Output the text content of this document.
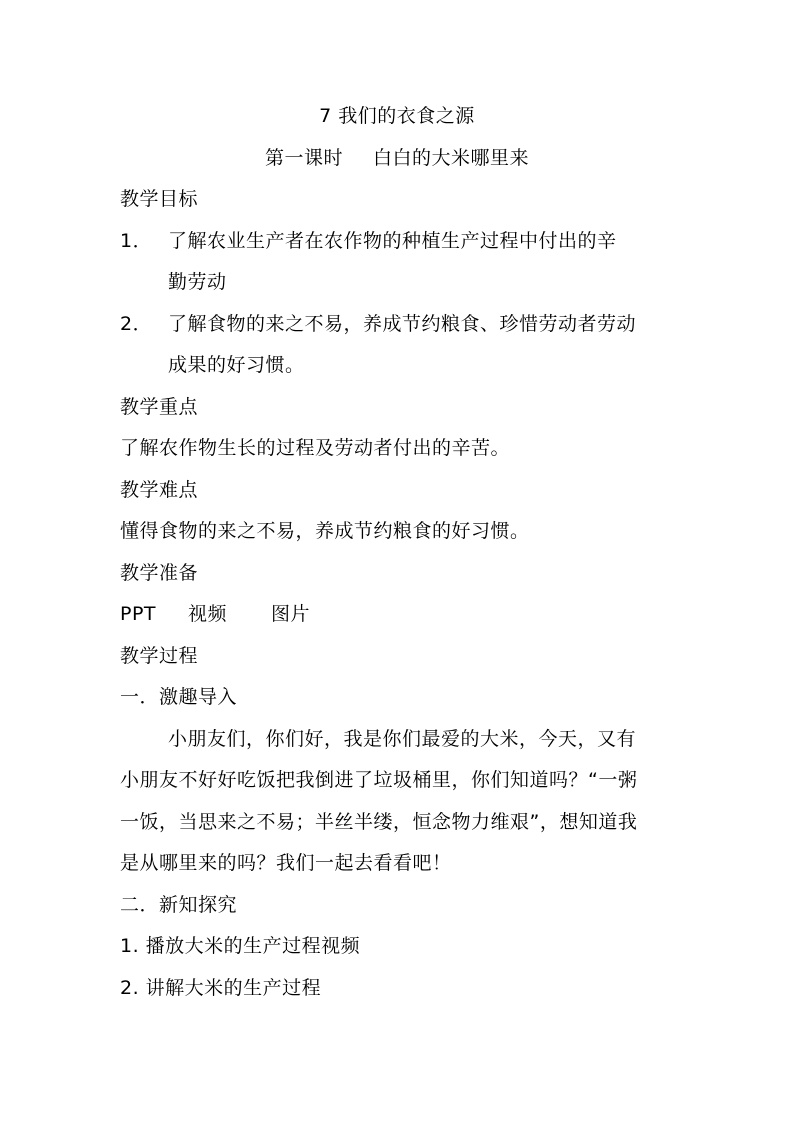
7 我们的衣食之源
第一课时 白白的大米哪里来
教学目标
1． 了解农业生产者在农作物的种植生产过程中付出的辛
勤劳动
2． 了解食物的来之不易，养成节约粮食、珍惜劳动者劳动
成果的好习惯。
教学重点
了解农作物生长的过程及劳动者付出的辛苦。
教学难点
懂得食物的来之不易，养成节约粮食的好习惯。
教学准备
PPT 视频 图片
教学过程
一．激趣导入
小朋友们，你们好，我是你们最爱的大米，今天，又有
小朋友不好好吃饭把我倒进了垃圾桶里，你们知道吗？“一粥
一饭，当思来之不易；半丝半缕，恒念物力维艰”，想知道我
是从哪里来的吗？我们一起去看看吧！
二．新知探究
1. 播放大米的生产过程视频
2. 讲解大米的生产过程
